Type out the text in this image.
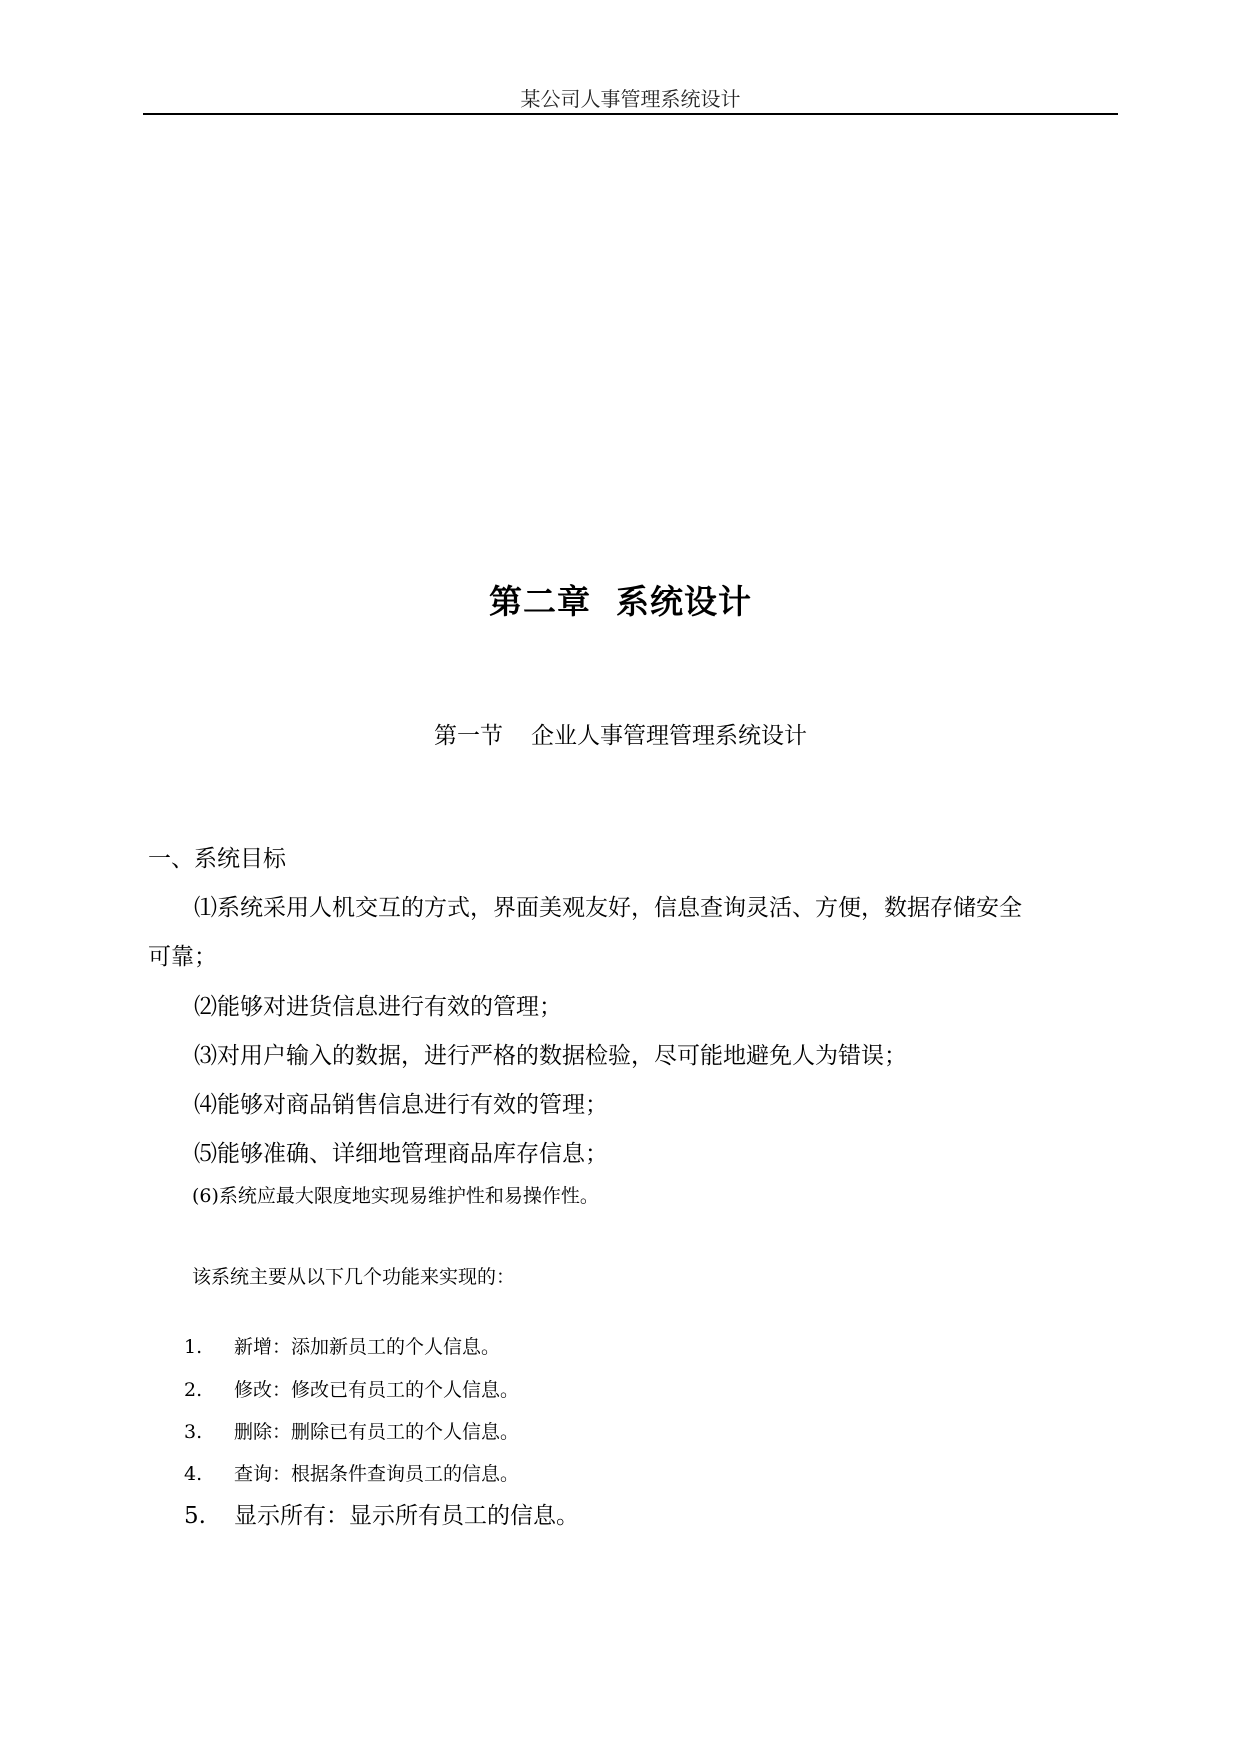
某公司人事管理系统设计
第二章  系统设计
第一节 企业人事管理管理系统设计
一、系统目标
⑴系统采用人机交互的方式，界面美观友好，信息查询灵活、方便，数据存储安全
可靠；
⑵能够对进货信息进行有效的管理；
⑶对用户输入的数据，进行严格的数据检验，尽可能地避免人为错误；
⑷能够对商品销售信息进行有效的管理；
⑸能够准确、详细地管理商品库存信息；
(6)系统应最大限度地实现易维护性和易操作性。
该系统主要从以下几个功能来实现的：
1. 新增：添加新员工的个人信息。
2. 修改：修改已有员工的个人信息。
3. 删除：删除已有员工的个人信息。
4. 查询：根据条件查询员工的信息。
5. 显示所有：显示所有员工的信息。
